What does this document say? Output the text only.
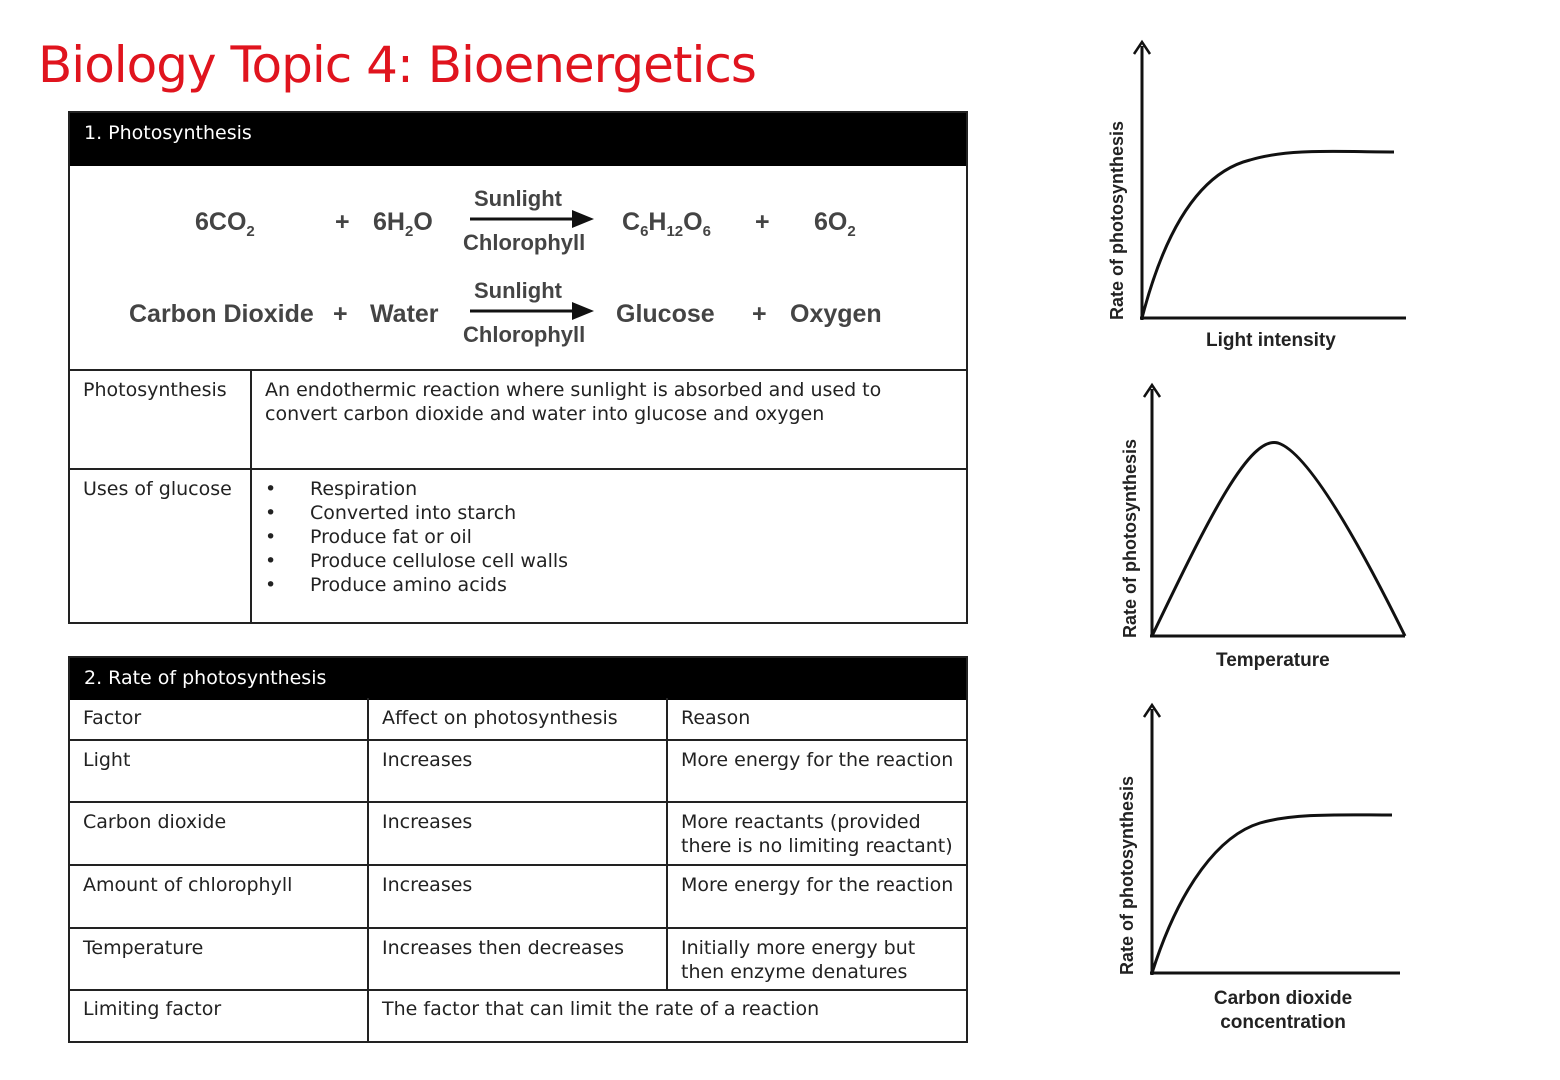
Biology Topic 4: Bioenergetics
1. Photosynthesis
$6CO_2$	+ $6H_2O$
Sunlight
Chlorophyll
$C_6H_{12}O_6 + 6O_2$
Carbon Dioxide + Water
Sunlight
Chlorophyll
Glucose + Oxygen
Photosynthesis An endothermic reaction where sunlight is absorbed and used to convert carbon dioxide and water into glucose and oxygen
Uses of glucose • Respiration
• Converted into starch
• Produce fat or oil
• Produce cellulose cell walls
• Produce amino acids
2. Rate of photosynthesis
Factor	Affect on photosynthesis	Reason
Light	Increases	More energy for the reaction
Carbon dioxide	Increases	More reactants (provided there is no limiting reactant)
Amount of chlorophyll	Increases	More energy for the reaction
Temperature	Increases then decreases	Initially more energy but then enzyme denatures
Limiting factor	The factor that can limit the rate of a reaction
Rate of photosynthesis
Light intensity
Rate of photosynthesis
Temperature
Rate of photosynthesis
Carbon dioxide concentration
